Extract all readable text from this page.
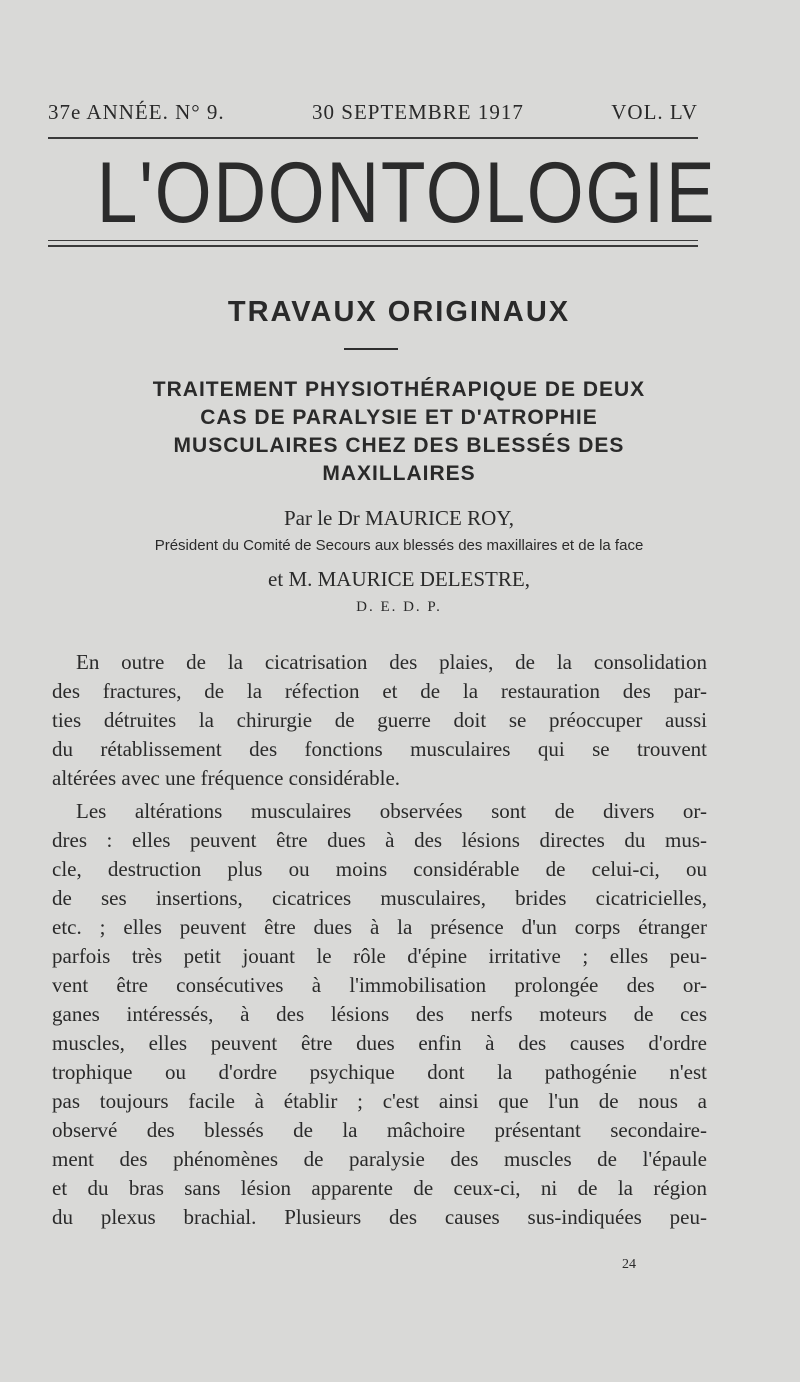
37e ANNÉE. N° 9.	30 SEPTEMBRE 1917	VOL. LV
L'ODONTOLOGIE
TRAVAUX ORIGINAUX
TRAITEMENT PHYSIOTHÉRAPIQUE DE DEUX
CAS DE PARALYSIE ET D'ATROPHIE
MUSCULAIRES CHEZ DES BLESSÉS DES
MAXILLAIRES
Par le Dr MAURICE ROY,
Président du Comité de Secours aux blessés des maxillaires et de la face
et M. MAURICE DELESTRE,
D. E. D. P.
En outre de la cicatrisation des plaies, de la consolidation
des fractures, de la réfection et de la restauration des par-
ties détruites la chirurgie de guerre doit se préoccuper aussi
du rétablissement des fonctions musculaires qui se trouvent
altérées avec une fréquence considérable.
Les altérations musculaires observées sont de divers or-
dres : elles peuvent être dues à des lésions directes du mus-
cle, destruction plus ou moins considérable de celui-ci, ou
de ses insertions, cicatrices musculaires, brides cicatricielles,
etc. ; elles peuvent être dues à la présence d'un corps étranger
parfois très petit jouant le rôle d'épine irritative ; elles peu-
vent être consécutives à l'immobilisation prolongée des or-
ganes intéressés, à des lésions des nerfs moteurs de ces
muscles, elles peuvent être dues enfin à des causes d'ordre
trophique ou d'ordre psychique dont la pathogénie n'est
pas toujours facile à établir ; c'est ainsi que l'un de nous a
observé des blessés de la mâchoire présentant secondaire-
ment des phénomènes de paralysie des muscles de l'épaule
et du bras sans lésion apparente de ceux-ci, ni de la région
du plexus brachial. Plusieurs des causes sus-indiquées peu-
24
